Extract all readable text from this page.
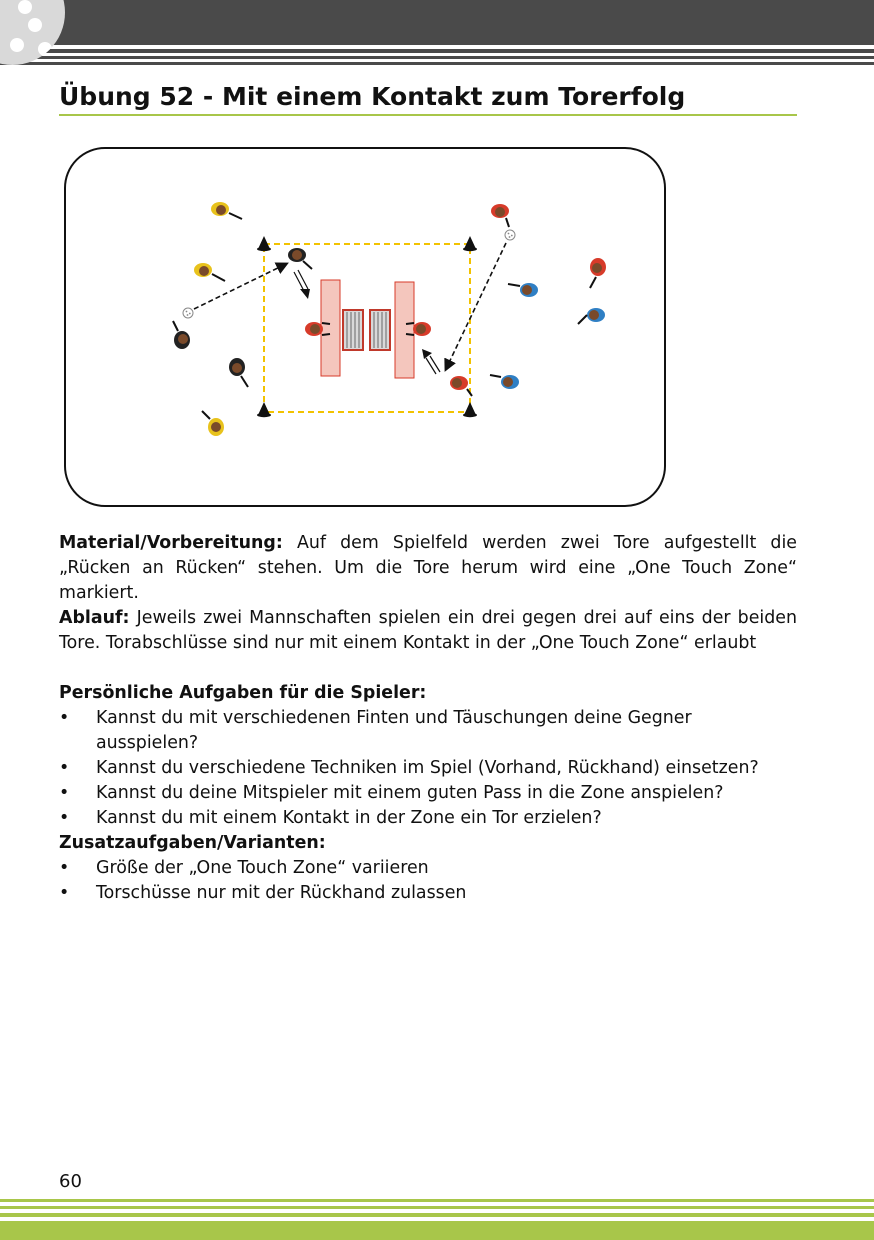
Übung 52 - Mit einem Kontakt zum Torerfolg

Material/Vorbereitung: Auf dem Spielfeld werden zwei Tore aufgestellt die „Rücken an Rücken“ stehen. Um die Tore herum wird eine „One Touch Zone“ markiert.

Ablauf: Jeweils zwei Mannschaften spielen ein drei gegen drei auf eins der beiden Tore. Torabschlüsse sind nur mit einem Kontakt in der „One Touch Zone“ erlaubt

Persönliche Aufgaben für die Spieler:

• Kannst du mit verschiedenen Finten und Täuschungen deine Gegner ausspielen?
• Kannst du verschiedene Techniken im Spiel (Vorhand, Rückhand) einsetzen?
• Kannst du deine Mitspieler mit einem guten Pass in die Zone anspielen?
• Kannst du mit einem Kontakt in der Zone ein Tor erzielen?

Zusatzaufgaben/Varianten:

• Größe der „One Touch Zone“ variieren
• Torschüsse nur mit der Rückhand zulassen
60
